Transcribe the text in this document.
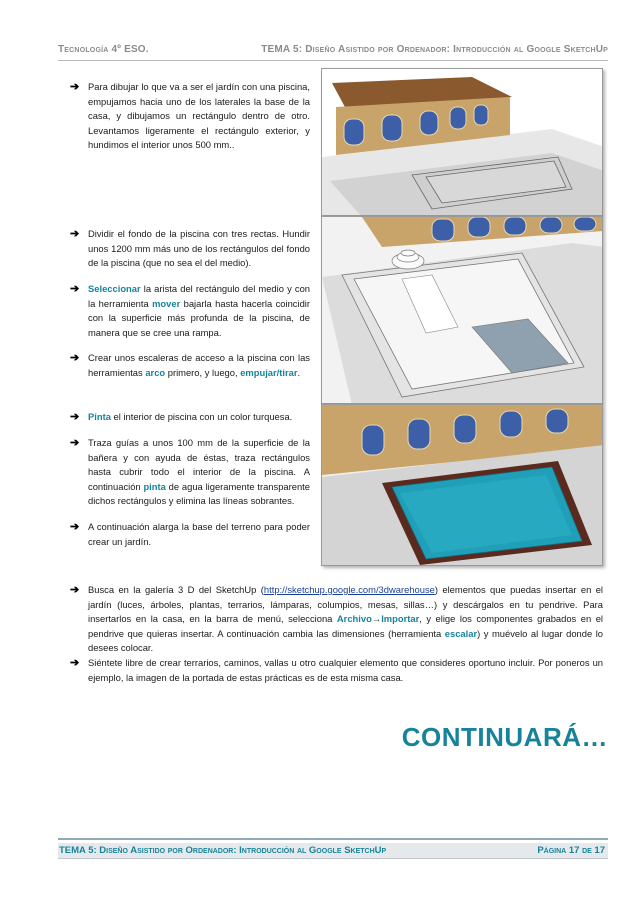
Tecnología 4º ESO.	TEMA 5: Diseño Asistido por Ordenador: Introducción al Google SketchUp
➔ Para dibujar lo que va a ser el jardín con una piscina, empujamos hacia uno de los laterales la base de la casa, y dibujamos un rectángulo dentro de otro. Levantamos ligeramente el rectángulo exterior, y hundimos el interior unos 500 mm..
➔ Dividir el fondo de la piscina con tres rectas. Hundir unos 1200 mm más uno de los rectángulos del fondo de la piscina (que no sea el del medio).
➔ Seleccionar la arista del rectángulo del medio y con la herramienta mover bajarla hasta hacerla coincidir con la superficie más profunda de la piscina, de manera que se cree una rampa.
➔ Crear unos escaleras de acceso a la piscina con las herramientas arco primero, y luego, empujar/tirar.
➔ Pinta el interior de piscina con un color turquesa.
➔ Traza guías a unos 100 mm de la superficie de la bañera y con ayuda de éstas, traza rectángulos hasta cubrir todo el interior de la piscina. A continuación pinta de agua ligeramente transparente dichos rectángulos y elimina las líneas sobrantes.
➔ A continuación alarga la base del terreno para poder crear un jardín.
➔ Busca en la galería 3 D del SketchUp (http://sketchup.google.com/3dwarehouse) elementos que puedas insertar en el jardín (luces, árboles, plantas, terrarios, lámparas, columpios, mesas, sillas…) y descárgalos en tu pendrive. Para insertarlos en la casa, en la barra de menú, selecciona Archivo→Importar, y elige los componentes grabados en el pendrive que quieras insertar. A continuación cambia las dimensiones (herramienta escalar) y muévelo al lugar donde lo desees colocar.
➔ Siéntete libre de crear terrarios, caminos, vallas u otro cualquier elemento que consideres oportuno incluir. Por poneros un ejemplo, la imagen de la portada de estas prácticas es de esta misma casa.
CONTINUARÁ…
TEMA 5: Diseño Asistido por Ordenador: Introducción al Google SketchUp	Página 17 de 17
